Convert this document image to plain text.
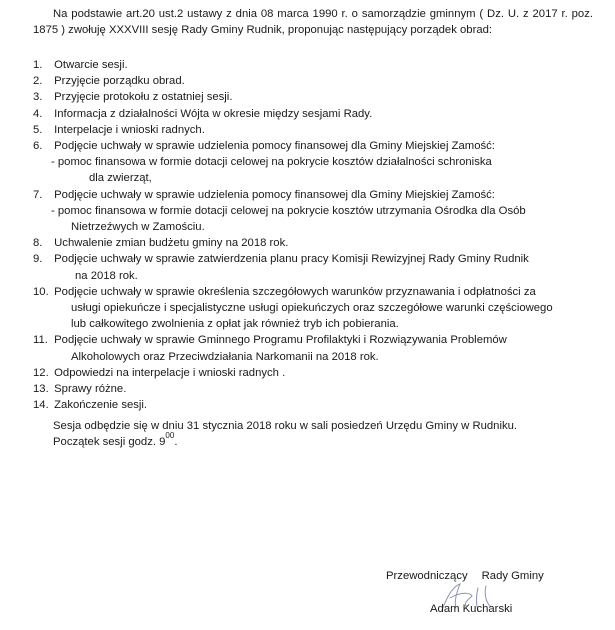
Na podstawie art.20 ust.2 ustawy z dnia 08 marca 1990 r. o samorządzie gminnym ( Dz. U. z 2017 r. poz. 1875 ) zwołuję XXXVIII sesję Rady Gminy Rudnik, proponując następujący porządek obrad:
1. Otwarcie sesji.
2. Przyjęcie porządku obrad.
3. Przyjęcie protokołu z ostatniej sesji.
4. Informacja z działalności Wójta w okresie między sesjami Rady.
5. Interpelacje i wnioski radnych.
6. Podjęcie uchwały w sprawie udzielenia pomocy finansowej dla Gminy Miejskiej Zamość:
- pomoc finansowa w formie dotacji celowej na pokrycie kosztów działalności schroniska
dla zwierząt,
7. Podjęcie uchwały w sprawie udzielenia pomocy finansowej dla Gminy Miejskiej Zamość:
- pomoc finansowa w formie dotacji celowej na pokrycie kosztów utrzymania Ośrodka dla Osób
Nietrzeźwych w Zamościu.
8. Uchwalenie zmian budżetu gminy na 2018 rok.
9. Podjęcie uchwały w sprawie zatwierdzenia planu pracy Komisji Rewizyjnej Rady Gminy Rudnik
na 2018 rok.
10. Podjęcie uchwały w sprawie określenia szczegółowych warunków przyznawania i odpłatności za
usługi opiekuńcze i specjalistyczne usługi opiekuńczych oraz szczegółowe warunki częściowego
lub całkowitego zwolnienia z opłat jak również tryb ich pobierania.
11. Podjęcie uchwały w sprawie Gminnego Programu Profilaktyki i Rozwiązywania Problemów
Alkoholowych oraz Przeciwdziałania Narkomanii na 2018 rok.
12. Odpowiedzi na interpelacje i wnioski radnych .
13. Sprawy różne.
14. Zakończenie sesji.
Sesja odbędzie się w dniu 31 stycznia 2018 roku w sali posiedzeń Urzędu Gminy w Rudniku.
Początek sesji godz. $9^{00}$.
Przewodniczący Rady Gminy
Adam Kucharski
